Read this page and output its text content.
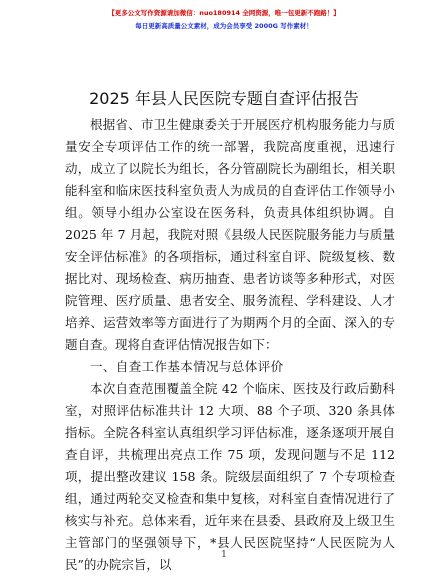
【更多公文写作资源请加微信：nuo180914 全网资源，唯一包更新不跑路！】
每日更新高质量公文素材，成为会员享受 2000G 写作素材！
2025 年县人民医院专题自查评估报告

根据省、市卫生健康委关于开展医疗机构服务能力与质量安全专项评估工作的统一部署，我院高度重视，迅速行动，成立了以院长为组长，各分管副院长为副组长，相关职能科室和临床医技科室负责人为成员的自查评估工作领导小组。领导小组办公室设在医务科，负责具体组织协调。自 2025 年 7 月起，我院对照《县级人民医院服务能力与质量安全评估标准》的各项指标，通过科室自评、院级复核、数据比对、现场检查、病历抽查、患者访谈等多种形式，对医院管理、医疗质量、患者安全、服务流程、学科建设、人才培养、运营效率等方面进行了为期两个月的全面、深入的专题自查。现将自查评估情况报告如下：

一、自查工作基本情况与总体评价

本次自查范围覆盖全院 42 个临床、医技及行政后勤科室，对照评估标准共计 12 大项、88 个子项、320 条具体指标。全院各科室认真组织学习评估标准，逐条逐项开展自查自评，共梳理出亮点工作 75 项，发现问题与不足 112 项，提出整改建议 158 条。院级层面组织了 7 个专项检查组，通过两轮交叉检查和集中复核，对科室自查情况进行了核实与补充。总体来看，近年来在县委、县政府及上级卫生主管部门的坚强领导下，*县人民医院坚持“人民医院为人民”的办院宗旨，以

1
